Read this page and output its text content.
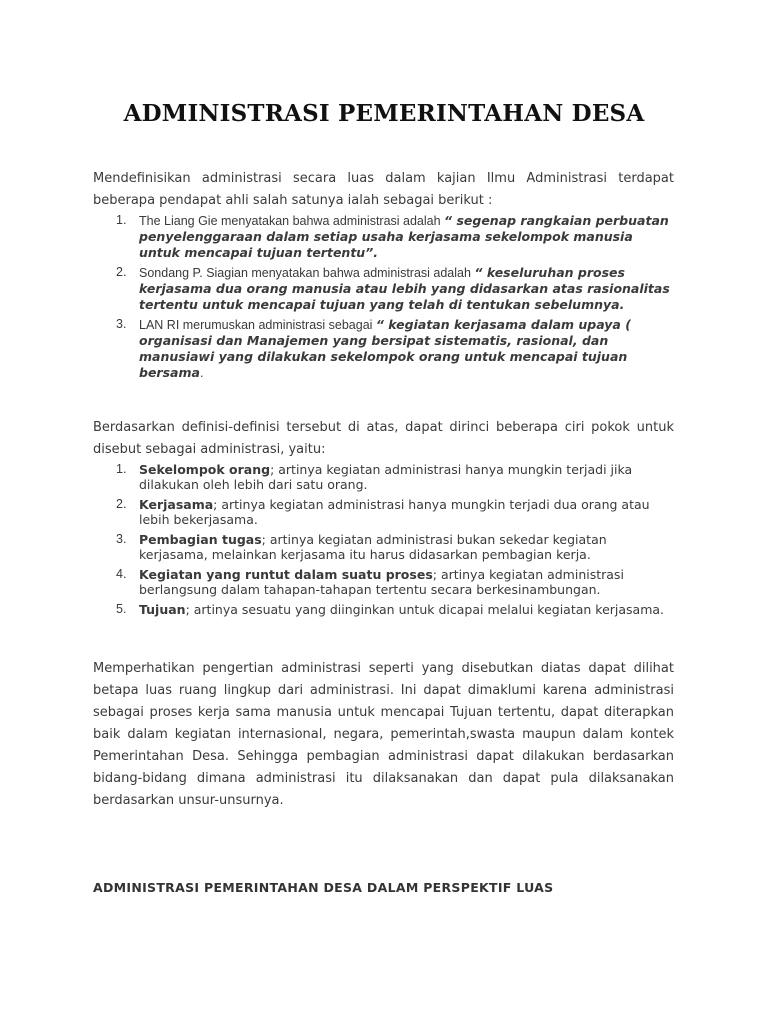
ADMINISTRASI PEMERINTAHAN DESA

Mendefinisikan administrasi secara luas dalam kajian Ilmu Administrasi terdapat beberapa pendapat ahli salah satunya ialah sebagai berikut :

1. The Liang Gie menyatakan bahwa administrasi adalah “ segenap rangkaian perbuatan penyelenggaraan dalam setiap usaha kerjasama sekelompok manusia untuk mencapai tujuan tertentu”.
2. Sondang P. Siagian menyatakan bahwa administrasi adalah “ keseluruhan proses kerjasama dua orang manusia atau lebih yang didasarkan atas rasionalitas tertentu untuk mencapai tujuan yang telah di tentukan sebelumnya.
3. LAN RI merumuskan administrasi sebagai “ kegiatan kerjasama dalam upaya ( organisasi dan Manajemen yang bersipat sistematis, rasional, dan manusiawi yang dilakukan sekelompok orang untuk mencapai tujuan bersama.

Berdasarkan definisi-definisi tersebut di atas, dapat dirinci beberapa ciri pokok untuk disebut sebagai administrasi, yaitu:

1. Sekelompok orang; artinya kegiatan administrasi hanya mungkin terjadi jika dilakukan oleh lebih dari satu orang.
2. Kerjasama; artinya kegiatan administrasi hanya mungkin terjadi dua orang atau lebih bekerjasama.
3. Pembagian tugas; artinya kegiatan administrasi bukan sekedar kegiatan kerjasama, melainkan kerjasama itu harus didasarkan pembagian kerja.
4. Kegiatan yang runtut dalam suatu proses; artinya kegiatan administrasi berlangsung dalam tahapan-tahapan tertentu secara berkesinambungan.
5. Tujuan; artinya sesuatu yang diinginkan untuk dicapai melalui kegiatan kerjasama.

Memperhatikan pengertian administrasi seperti yang disebutkan diatas dapat dilihat betapa luas ruang lingkup dari administrasi. Ini dapat dimaklumi karena administrasi sebagai proses kerja sama manusia untuk mencapai Tujuan tertentu, dapat diterapkan baik dalam kegiatan internasional, negara, pemerintah,swasta maupun dalam kontek Pemerintahan Desa. Sehingga pembagian administrasi dapat dilakukan berdasarkan bidang-bidang dimana administrasi itu dilaksanakan dan dapat pula dilaksanakan berdasarkan unsur-unsurnya.

ADMINISTRASI PEMERINTAHAN DESA DALAM PERSPEKTIF LUAS
